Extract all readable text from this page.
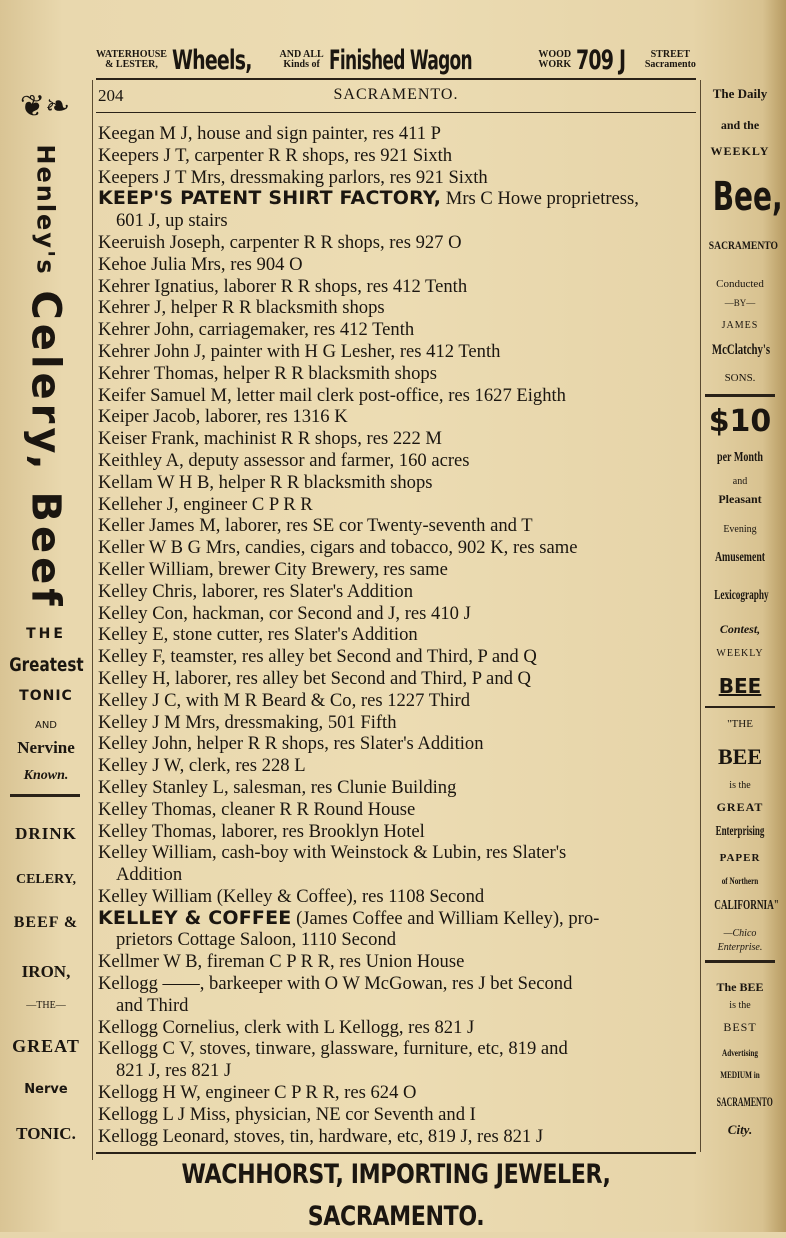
WATERHOUSE
& LESTER, Wheels,	AND ALL
Kinds of Finished Wagon	WOOD
WORK 709 J	STREET
Sacramento
204	SACRAMENTO.
Keegan M J, house and sign painter, res 411 P
Keepers J T, carpenter R R shops, res 921 Sixth
Keepers J T Mrs, dressmaking parlors, res 921 Sixth
KEEP'S PATENT SHIRT FACTORY, Mrs C Howe proprietress,
601 J, up stairs
Keeruish Joseph, carpenter R R shops, res 927 O
Kehoe Julia Mrs, res 904 O
Kehrer Ignatius, laborer R R shops, res 412 Tenth
Kehrer J, helper R R blacksmith shops
Kehrer John, carriagemaker, res 412 Tenth
Kehrer John J, painter with H G Lesher, res 412 Tenth
Kehrer Thomas, helper R R blacksmith shops
Keifer Samuel M, letter mail clerk post-office, res 1627 Eighth
Keiper Jacob, laborer, res 1316 K
Keiser Frank, machinist R R shops, res 222 M
Keithley A, deputy assessor and farmer, 160 acres
Kellam W H B, helper R R blacksmith shops
Kelleher J, engineer C P R R
Keller James M, laborer, res SE cor Twenty-seventh and T
Keller W B G Mrs, candies, cigars and tobacco, 902 K, res same
Keller William, brewer City Brewery, res same
Kelley Chris, laborer, res Slater's Addition
Kelley Con, hackman, cor Second and J, res 410 J
Kelley E, stone cutter, res Slater's Addition
Kelley F, teamster, res alley bet Second and Third, P and Q
Kelley H, laborer, res alley bet Second and Third, P and Q
Kelley J C, with M R Beard & Co, res 1227 Third
Kelley J M Mrs, dressmaking, 501 Fifth
Kelley John, helper R R shops, res Slater's Addition
Kelley J W, clerk, res 228 L
Kelley Stanley L, salesman, res Clunie Building
Kelley Thomas, cleaner R R Round House
Kelley Thomas, laborer, res Brooklyn Hotel
Kelley William, cash-boy with Weinstock & Lubin, res Slater's
Addition
Kelley William (Kelley & Coffee), res 1108 Second
KELLEY & COFFEE (James Coffee and William Kelley), pro-
prietors Cottage Saloon, 1110 Second
Kellmer W B, fireman C P R R, res Union House
Kellogg ——, barkeeper with O W McGowan, res J bet Second
and Third
Kellogg Cornelius, clerk with L Kellogg, res 821 J
Kellogg C V, stoves, tinware, glassware, furniture, etc, 819 and
821 J, res 821 J
Kellogg H W, engineer C P R R, res 624 O
Kellogg L J Miss, physician, NE cor Seventh and I
Kellogg Leonard, stoves, tin, hardware, etc, 819 J, res 821 J
❦❧
Henley's
Celery, Beef
THE
Greatest
TONIC
AND
Nervine
Known.
DRINK
CELERY,
BEEF &
IRON,
—THE—
GREAT
Nerve
TONIC.
The Daily
and the
WEEKLY
Bee,
SACRAMENTO
Conducted
—BY—
JAMES
McClatchy's
SONS.
$10
per Month
and
Pleasant
Evening
Amusement
Lexicography
Contest,
WEEKLY
BEE
"THE
BEE
is the
GREAT
Enterprising
PAPER
of Northern
CALIFORNIA"
—Chico
Enterprise.
The BEE
is the
BEST
Advertising
MEDIUM in
SACRAMENTO
City.
WACHHORST, IMPORTING JEWELER, SACRAMENTO.
